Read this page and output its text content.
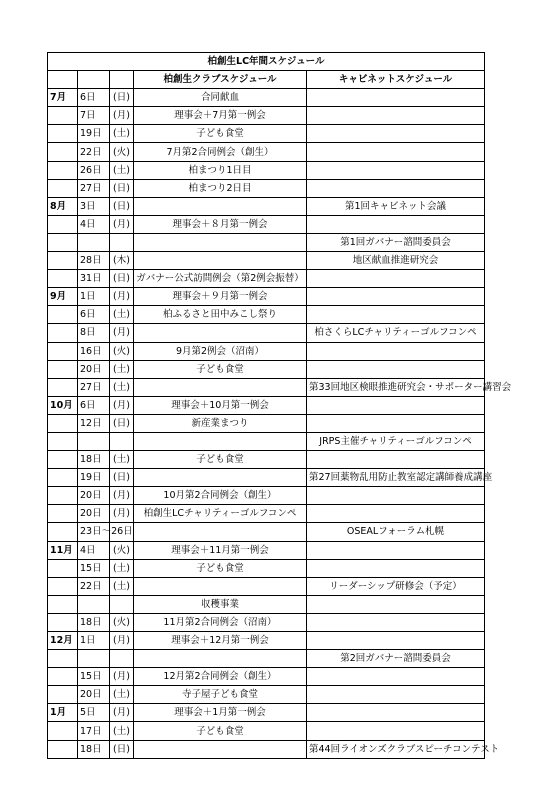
柏創生LC年間スケジュール				
			柏創生クラブスケジュール	キャビネットスケジュール
7月	6日	(日)	合同献血	
	7日	(月)	理事会＋7月第一例会	
	19日	(土)	子ども食堂	
	22日	(火)	7月第2合同例会（創生）	
	26日	(土)	柏まつり1日目	
	27日	(日)	柏まつり2日目	
8月	3日	(日)		第1回キャビネット会議
	4日	(月)	理事会＋８月第一例会	
				第1回ガバナー諮問委員会
	28日	(木)		地区献血推進研究会
	31日	(日)	ガバナー公式訪問例会（第2例会振替）	
9月	1日	(月)	理事会＋９月第一例会	
	6日	(土)	柏ふるさと田中みこし祭り	
	8日	(月)		柏さくらLCチャリティーゴルフコンペ
	16日	(火)	9月第2例会（沼南）	
	20日	(土)	子ども食堂	
	27日	(土)		第33回地区検眼推進研究会・サポーター講習会
10月	6日	(月)	理事会＋10月第一例会	
	12日	(日)	新産業まつり	
				JRPS主催チャリティーゴルフコンペ
	18日	(土)	子ども食堂	
	19日	(日)		第27回薬物乱用防止教室認定講師養成講座
	20日	(月)	10月第2合同例会（創生）	
	20日	(月)	柏創生LCチャリティーゴルフコンペ	
	23日～26日			OSEALフォーラム札幌
11月	4日	(火)	理事会＋11月第一例会	
	15日	(土)	子ども食堂	
	22日	(土)		リーダーシップ研修会（予定）
			収穫事業	
	18日	(火)	11月第2合同例会（沼南）	
12月	1日	(月)	理事会＋12月第一例会	
				第2回ガバナー諮問委員会
	15日	(月)	12月第2合同例会（創生）	
	20日	(土)	寺子屋子ども食堂	
1月	5日	(月)	理事会＋1月第一例会	
	17日	(土)	子ども食堂	
	18日	(日)		第44回ライオンズクラブスピーチコンテスト
